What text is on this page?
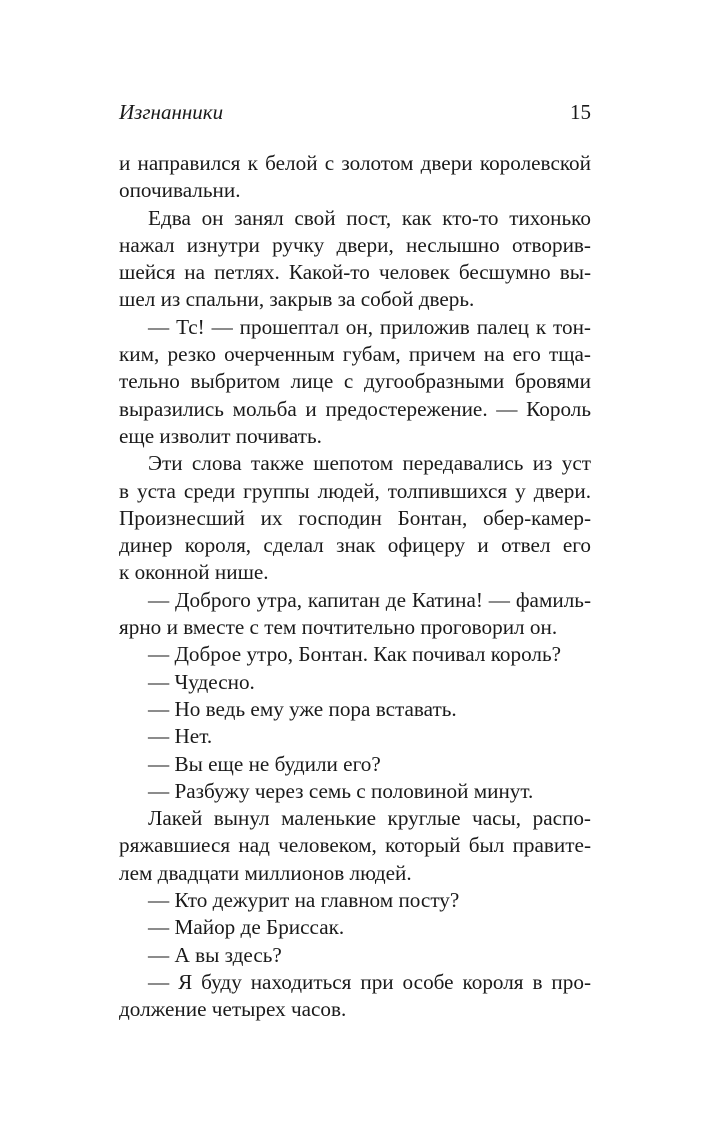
Изгнанники	15
и направился к белой с золотом двери королевской
опочивальни.
Едва он занял свой пост, как кто-то тихонько
нажал изнутри ручку двери, неслышно отворив-
шейся на петлях. Какой-то человек бесшумно вы-
шел из спальни, закрыв за собой дверь.
— Тс! — прошептал он, приложив палец к тон-
ким, резко очерченным губам, причем на его тща-
тельно выбритом лице с дугообразными бровями
выразились мольба и предостережение. — Король
еще изволит почивать.
Эти слова также шепотом передавались из уст
в уста среди группы людей, толпившихся у двери.
Произнесший их господин Бонтан, обер-камер-
динер короля, сделал знак офицеру и отвел его
к оконной нише.
— Доброго утра, капитан де Катина! — фамиль-
ярно и вместе с тем почтительно проговорил он.
— Доброе утро, Бонтан. Как почивал король?
— Чудесно.
— Но ведь ему уже пора вставать.
— Нет.
— Вы еще не будили его?
— Разбужу через семь с половиной минут.
Лакей вынул маленькие круглые часы, распо-
ряжавшиеся над человеком, который был правите-
лем двадцати миллионов людей.
— Кто дежурит на главном посту?
— Майор де Бриссак.
— А вы здесь?
— Я буду находиться при особе короля в про-
должение четырех часов.
